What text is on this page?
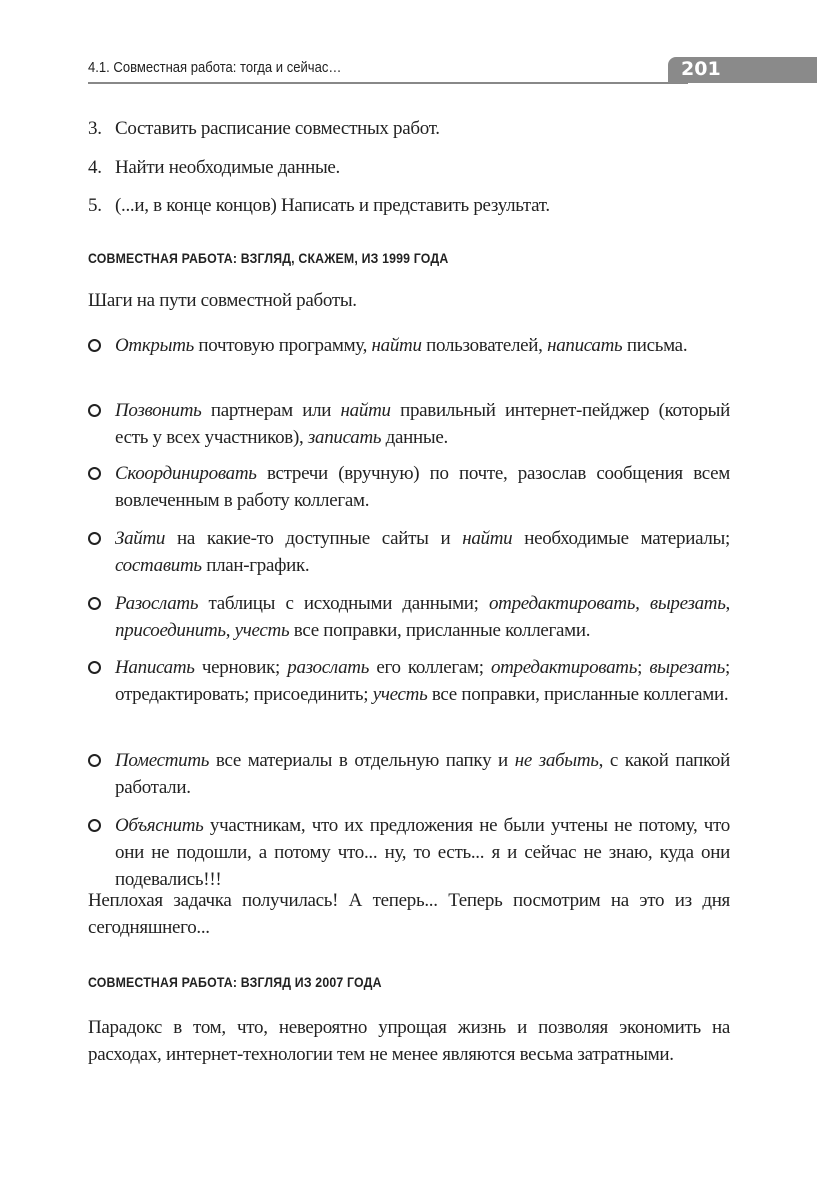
4.1. Совместная работа: тогда и сейчас…	201
3. Составить расписание совместных работ.
4. Найти необходимые данные.
5. (...и, в конце концов) Написать и представить результат.
СОВМЕСТНАЯ РАБОТА: ВЗГЛЯД, СКАЖЕМ, ИЗ 1999 ГОДА
Шаги на пути совместной работы.
Открыть почтовую программу, найти пользователей, написать письма.
Позвонить партнерам или найти правильный интернет-пейджер (который есть у всех участников), записать данные.
Скоординировать встречи (вручную) по почте, разослав сообщения всем вовлеченным в работу коллегам.
Зайти на какие-то доступные сайты и найти необходимые материалы; составить план-график.
Разослать таблицы с исходными данными; отредактировать, вырезать, присоединить, учесть все поправки, присланные коллегами.
Написать черновик; разослать его коллегам; отредактировать; вырезать; отредактировать; присоединить; учесть все поправки, присланные коллегами.
Поместить все материалы в отдельную папку и не забыть, с какой папкой работали.
Объяснить участникам, что их предложения не были учтены не потому, что они не подошли, а потому что... ну, то есть... я и сейчас не знаю, куда они подевались!!!
Неплохая задачка получилась! А теперь... Теперь посмотрим на это из дня сегодняшнего...
СОВМЕСТНАЯ РАБОТА: ВЗГЛЯД ИЗ 2007 ГОДА
Парадокс в том, что, невероятно упрощая жизнь и позволяя экономить на расходах, интернет-технологии тем не менее являются весьма затратными.
